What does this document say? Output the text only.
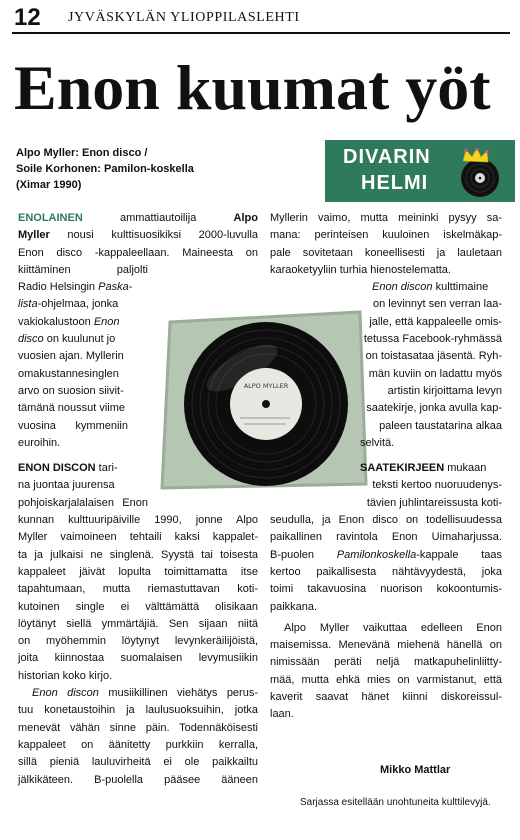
12 JYVÄSKYLÄN YLIOPPILASLEHTI
Enon kuumat yöt
Alpo Myller: Enon disco /
Soile Korhonen: Pamilon-koskella
(Ximar 1990)
DIVARIN
HELMI
ALPO MYLLER
ENOLAINEN ammattiautoilija Alpo
Myller nousi kulttisuosikiksi 2000-luvulla
Enon disco -kappaleellaan. Maineesta on
kiittäminen paljolti
Radio Helsingin Paska-
lista-ohjelmaa, jonka
vakiokalustoon Enon
disco on kuulunut jo
vuosien ajan. Myllerin
omakustannesinglen
arvo on suosion siivit-
tämänä noussut viime
vuosina kymmeniin
euroihin.
ENON DISCON tari-
na juontaa juurensa
pohjoiskarjalalaisen Enon
kunnan kulttuuripäiville 1990, jonne Alpo
Myller vaimoineen tehtaili kaksi kappalet-
ta ja julkaisi ne singlenä. Syystä tai toisesta
kappaleet jäivät lopulta toimittamatta itse
tapahtumaan, mutta riemastuttavan koti-
kutoinen single ei välttämättä olisikaan
löytänyt siellä ymmärtäjiä. Sen sijaan niitä
on myöhemmin löytynyt levynkeräilijöistä,
joita kiinnostaa suomalaisen levymusiikin
historian koko kirjo.
Enon discon musiikillinen viehätys perus-
tuu konetaustoihin ja laulusuoksuihin, jotka
menevät vähän sinne päin. Todennäköisesti
kappaleet on äänitetty purkkiin kerralla,
sillä pieniä lauluvirheitä ei ole paikkailtu
jälkikäteen. B-puolella pääsee ääneen
Myllerin vaimo, mutta meininki pysyy sa-
mana: perinteisen kuuloinen iskelmäkap-
pale sovitetaan koneellisesti ja lauletaan
karaoketyyliin turhia hienostelematta.
Enon discon kulttimaine
on levinnyt sen verran laa-
jalle, että kappaleelle omis-
tetussa Facebook-ryhmässä
on toistasataa jäsentä. Ryh-
män kuviin on ladattu myös
artistin kirjoittama levyn
saatekirje, jonka avulla kap-
paleen taustatarina alkaa
selvitä.
SAATEKIRJEEN mukaan
teksti kertoo nuoruudenys-
tävien juhlintareissusta koti-
seudulla, ja Enon disco on todellisuudessa
paikallinen ravintola Enon Uimaharjussa.
B-puolen Pamilonkoskella-kappale taas
kertoo paikallisesta nähtävyydestä, joka
toimi takavuosina nuorison kokoontumis-
paikkana.
Alpo Myller vaikuttaa edelleen Enon
maisemissa. Menevänä miehenä hänellä on
nimissään peräti neljä matkapuhelinliitty-
mää, mutta ehkä mies on varmistanut, että
kaverit saavat hänet kiinni diskoreissul-
laan.
Mikko Mattlar
Sarjassa esitellään unohtuneita kulttilevyjä.
